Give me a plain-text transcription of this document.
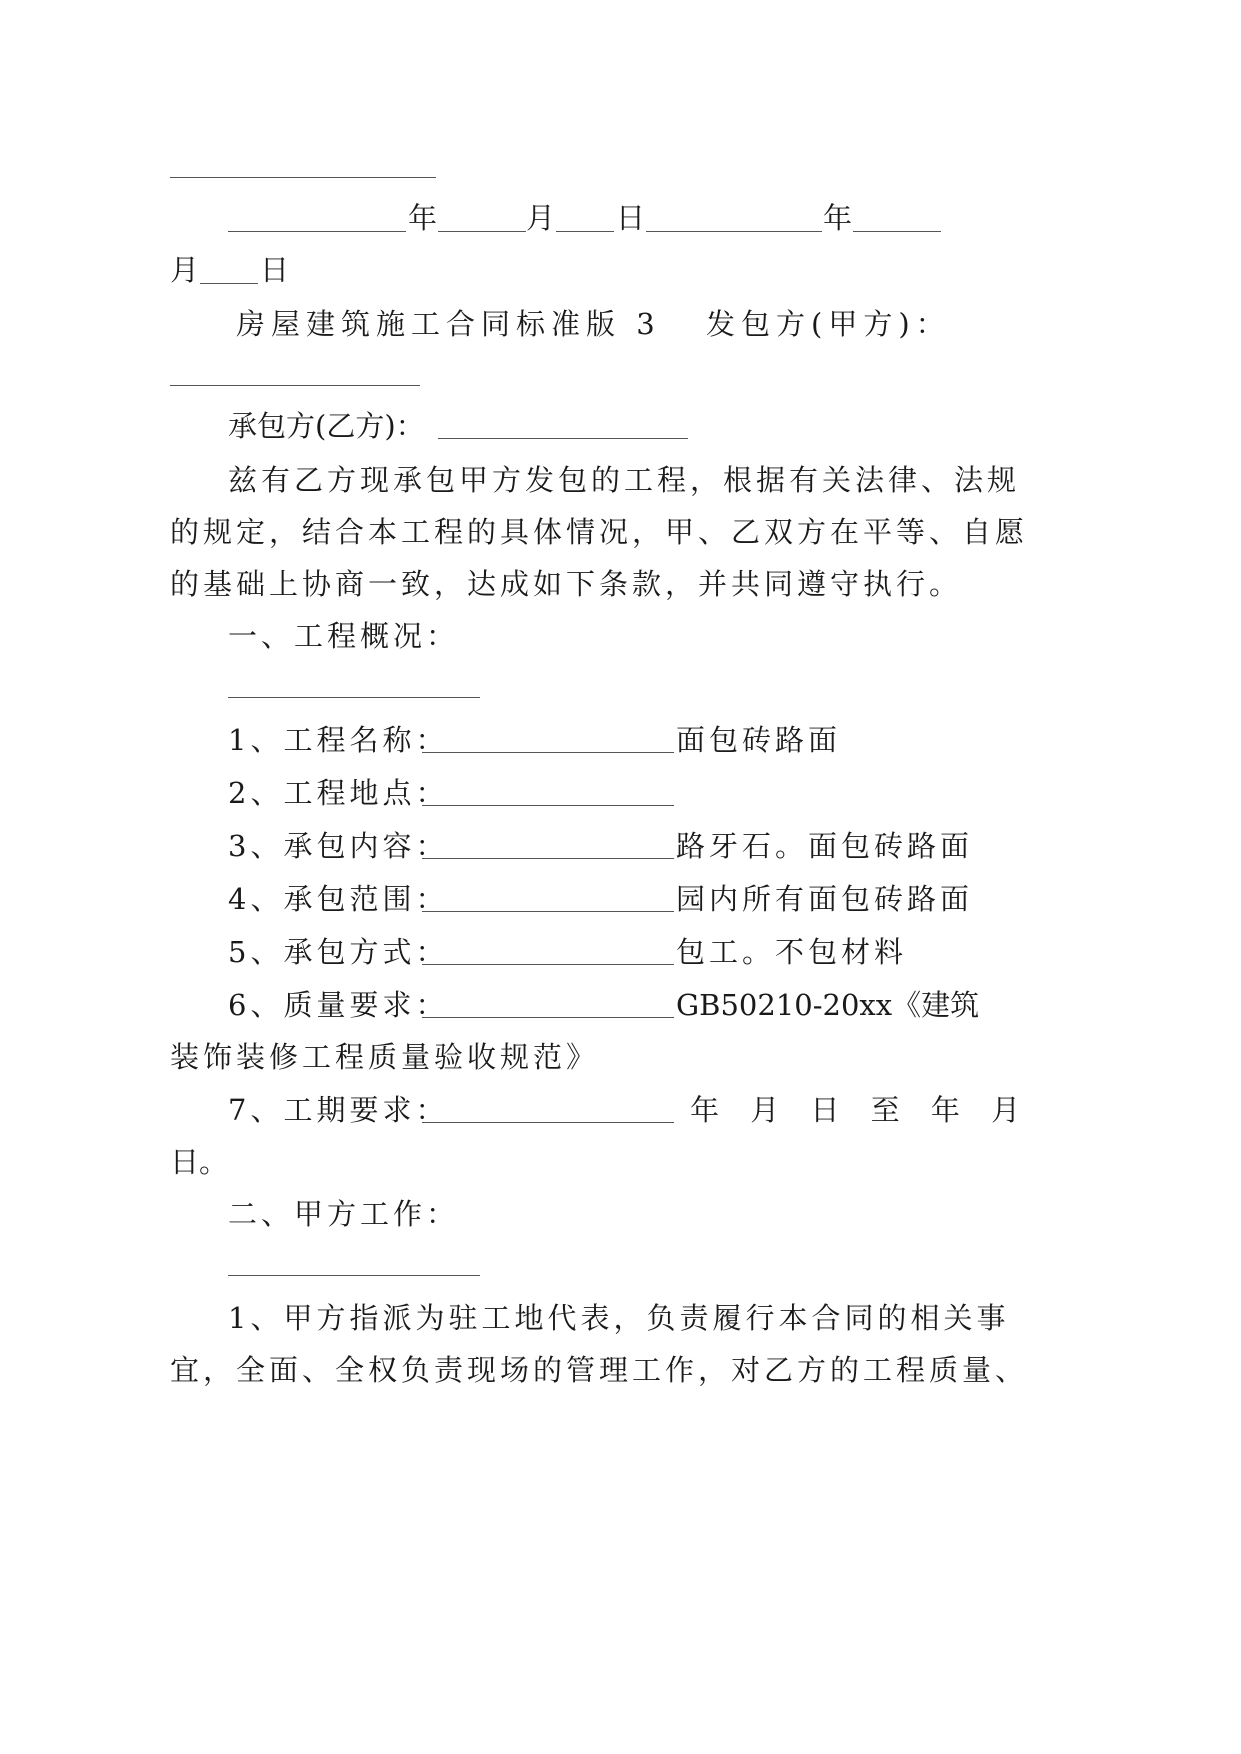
年	月 日	年
月 日
房屋建筑施工合同标准版 3 发包方(甲方)：
承包方(乙方)：
兹有乙方现承包甲方发包的工程，根据有关法律、法规
的规定，结合本工程的具体情况，甲、乙双方在平等、自愿
的基础上协商一致，达成如下条款，并共同遵守执行。
一、工程概况：
1、工程名称：	面包砖路面
2、工程地点：
3、承包内容：	路牙石。面包砖路面
4、承包范围：	园内所有面包砖路面
5、承包方式：	包工。不包材料
6、质量要求：	GB50210-20xx《建筑
装饰装修工程质量验收规范》
7、工期要求：	年 月 日 至 年 月
日。
二、甲方工作：
1、甲方指派为驻工地代表，负责履行本合同的相关事
宜，全面、全权负责现场的管理工作，对乙方的工程质量、
